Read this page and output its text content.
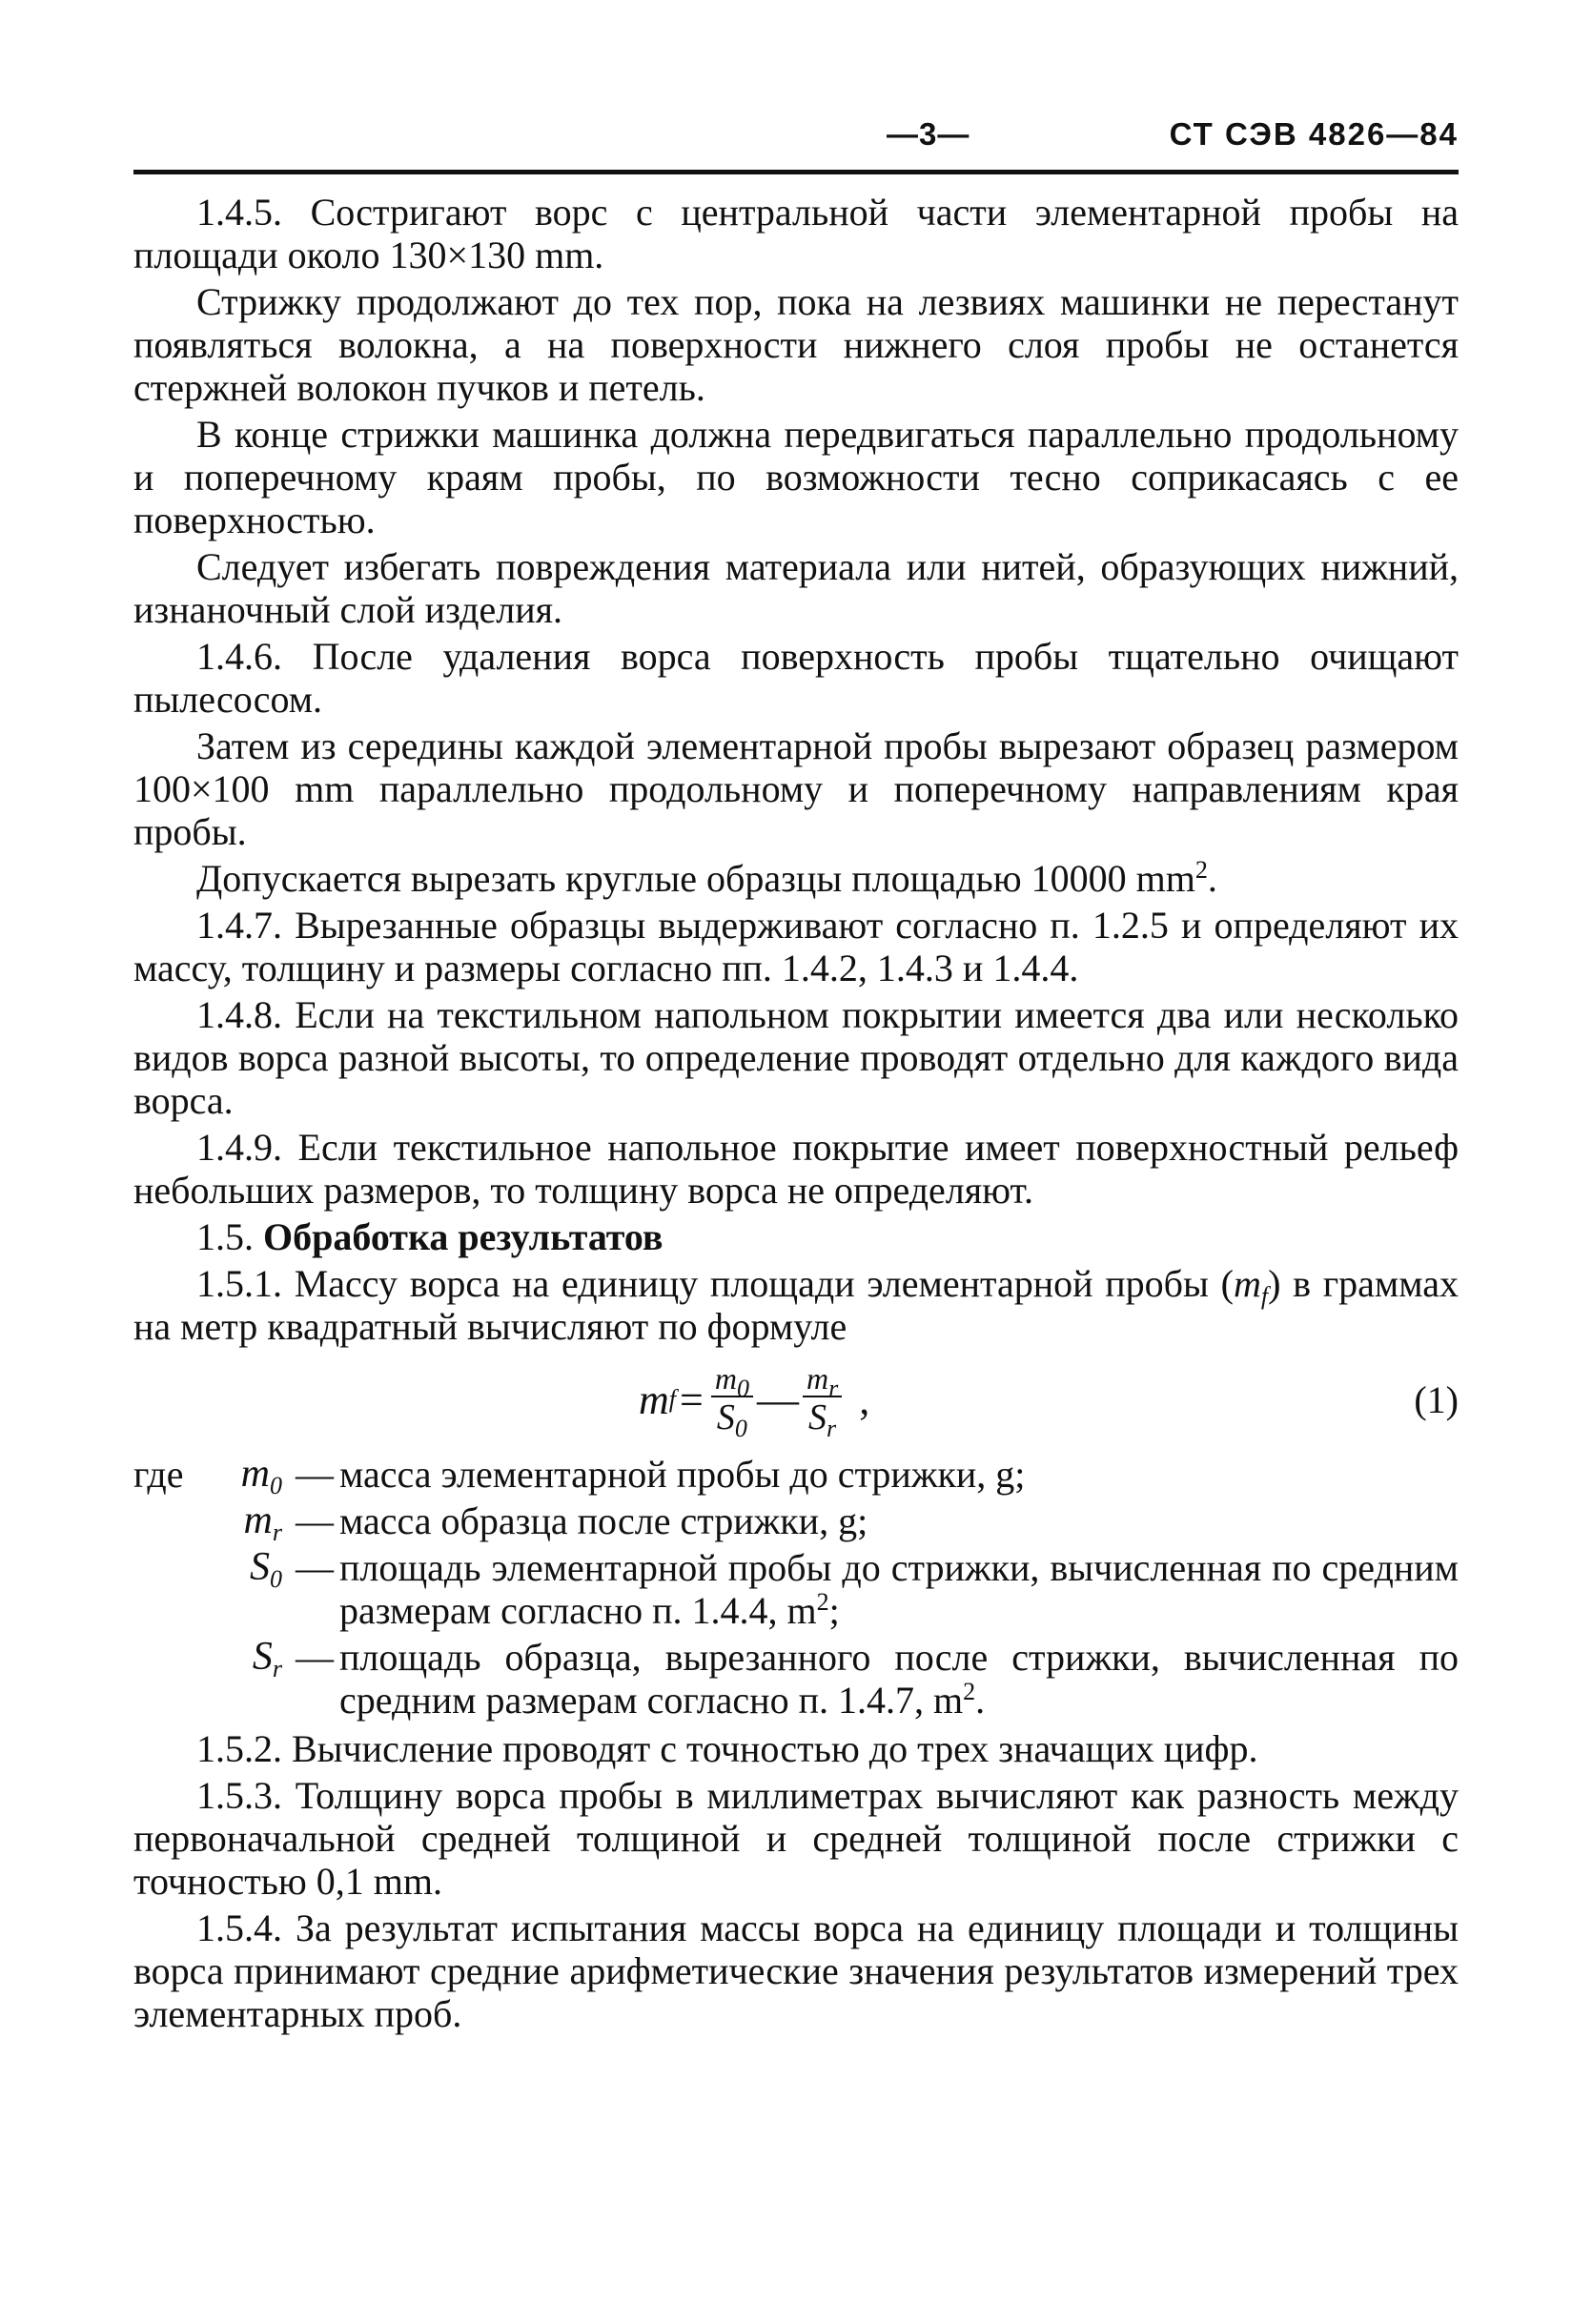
—3—	СТ СЭВ 4826—84

1.4.5. Состригают ворс с центральной части элементарной пробы на площади около 130×130 mm.

Стрижку продолжают до тех пор, пока на лезвиях машинки не перестанут появляться волокна, а на поверхности нижнего слоя пробы не останется стержней волокон пучков и петель.

В конце стрижки машинка должна передвигаться параллельно продольному и поперечному краям пробы, по возможности тесно соприкасаясь с ее поверхностью.

Следует избегать повреждения материала или нитей, образующих нижний, изнаночный слой изделия.

1.4.6. После удаления ворса поверхность пробы тщательно очищают пылесосом.

Затем из середины каждой элементарной пробы вырезают образец размером 100×100 mm параллельно продольному и поперечному направлениям края пробы.

Допускается вырезать круглые образцы площадью 10000 $mm^2$.

1.4.7. Вырезанные образцы выдерживают согласно п. 1.2.5 и определяют их массу, толщину и размеры согласно пп. 1.4.2, 1.4.3 и 1.4.4.

1.4.8. Если на текстильном напольном покрытии имеется два или несколько видов ворса разной высоты, то определение проводят отдельно для каждого вида ворса.

1.4.9. Если текстильное напольное покрытие имеет поверхностный рельеф небольших размеров, то толщину ворса не определяют.

1.5. Обработка результатов

1.5.1. Массу ворса на единицу площади элементарной пробы $(m_f)$ в граммах на метр квадратный вычисляют по формуле

m $f = \frac{m_0}{S_0}$ — $\frac{m_r}{S_r}$ ,	(1)
где	$m_0$ — масса элементарной пробы до стрижки, g;
$m_r$ — масса образца после стрижки, g;
$S_0$ — площадь элементарной пробы до стрижки, вычисленная по средним размерам согласно п. 1.4.4, $m^2$;
$S_r$ — площадь образца, вырезанного после стрижки, вычисленная по средним размерам согласно п. 1.4.7, $m^2$.

1.5.2. Вычисление проводят с точностью до трех значащих цифр.

1.5.3. Толщину ворса пробы в миллиметрах вычисляют как разность между первоначальной средней толщиной и средней толщиной после стрижки с точностью 0,1 mm.

1.5.4. За результат испытания массы ворса на единицу площади и толщины ворса принимают средние арифметические значения результатов измерений трех элементарных проб.
